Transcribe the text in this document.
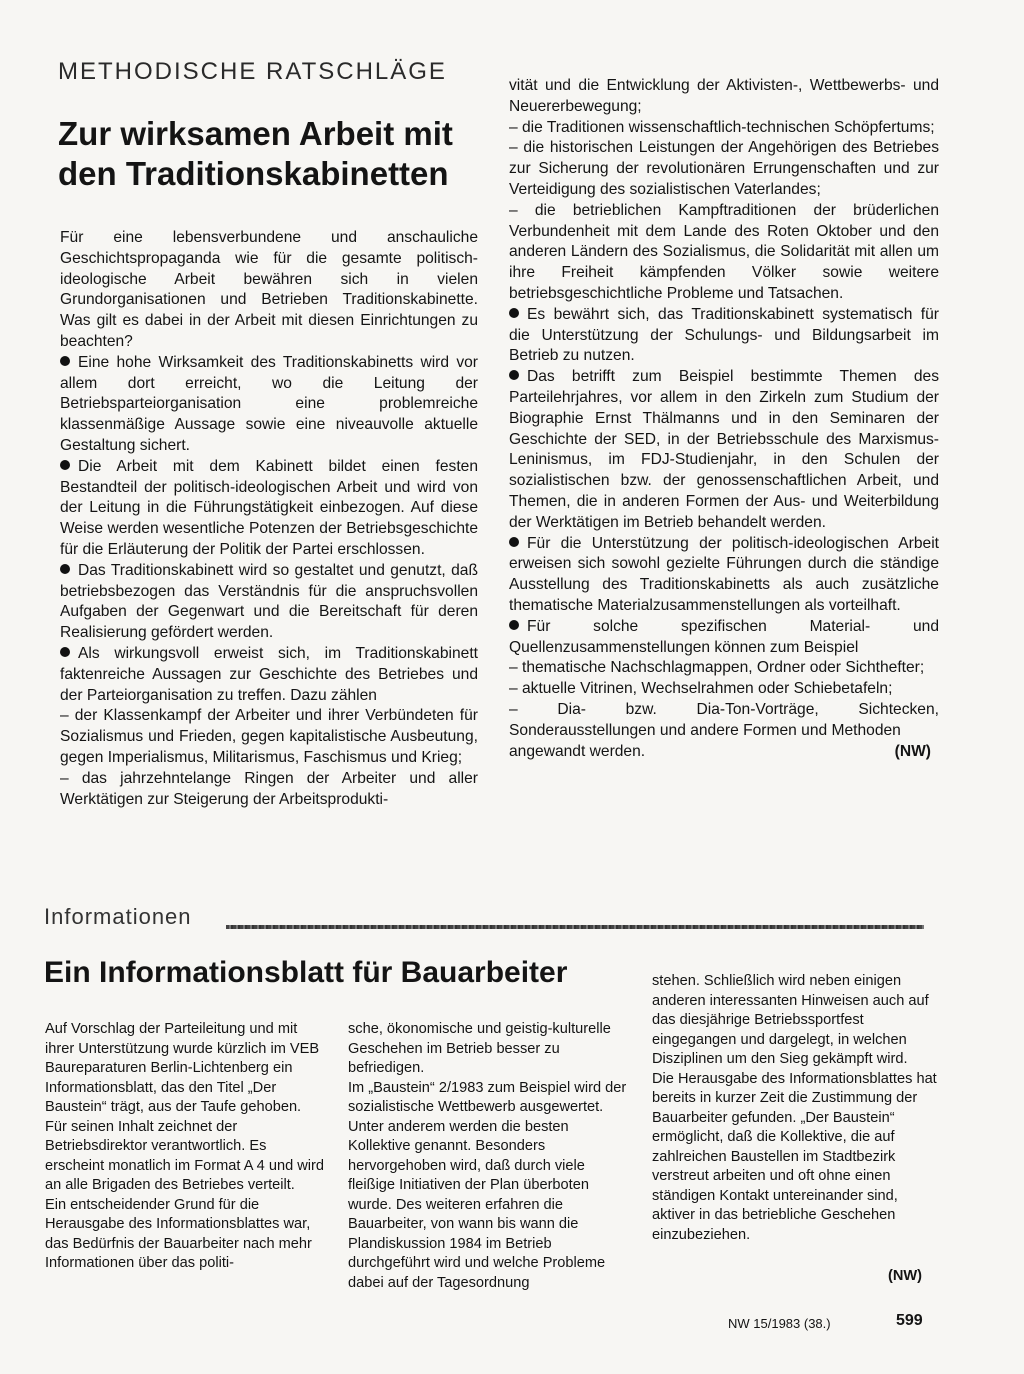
METHODISCHE RATSCHLÄGE
Zur wirksamen Arbeit mit den Traditionskabinetten

Für eine lebensverbundene und anschauliche Geschichtspropaganda wie für die gesamte politisch-ideologische Arbeit bewähren sich in vielen Grundorganisationen und Betrieben Traditionskabinette. Was gilt es dabei in der Arbeit mit diesen Einrichtungen zu beachten?

Eine hohe Wirksamkeit des Traditionskabinetts wird vor allem dort erreicht, wo die Leitung der Betriebsparteiorganisation eine problemreiche klassenmäßige Aussage sowie eine niveauvolle aktuelle Gestaltung sichert.

Die Arbeit mit dem Kabinett bildet einen festen Bestandteil der politisch-ideologischen Arbeit und wird von der Leitung in die Führungstätigkeit einbezogen. Auf diese Weise werden wesentliche Potenzen der Betriebsgeschichte für die Erläuterung der Politik der Partei erschlossen.

Das Traditionskabinett wird so gestaltet und genutzt, daß betriebsbezogen das Verständnis für die anspruchsvollen Aufgaben der Gegenwart und die Bereitschaft für deren Realisierung gefördert werden.

Als wirkungsvoll erweist sich, im Traditionskabinett faktenreiche Aussagen zur Geschichte des Betriebes und der Parteiorganisation zu treffen. Dazu zählen

– der Klassenkampf der Arbeiter und ihrer Verbündeten für Sozialismus und Frieden, gegen kapitalistische Ausbeutung, gegen Imperialismus, Militarismus, Faschismus und Krieg;

– das jahrzehntelange Ringen der Arbeiter und aller Werktätigen zur Steigerung der Arbeitsprodukti-

vität und die Entwicklung der Aktivisten-, Wettbewerbs- und Neuererbewegung;

– die Traditionen wissenschaftlich-technischen Schöpfertums;

– die historischen Leistungen der Angehörigen des Betriebes zur Sicherung der revolutionären Errungenschaften und zur Verteidigung des sozialistischen Vaterlandes;

– die betrieblichen Kampftraditionen der brüderlichen Verbundenheit mit dem Lande des Roten Oktober und den anderen Ländern des Sozialismus, die Solidarität mit allen um ihre Freiheit kämpfenden Völker sowie weitere betriebsgeschichtliche Probleme und Tatsachen.

Es bewährt sich, das Traditionskabinett systematisch für die Unterstützung der Schulungs- und Bildungsarbeit im Betrieb zu nutzen.

Das betrifft zum Beispiel bestimmte Themen des Parteilehrjahres, vor allem in den Zirkeln zum Studium der Biographie Ernst Thälmanns und in den Seminaren der Geschichte der SED, in der Betriebsschule des Marxismus-Leninismus, im FDJ-Studienjahr, in den Schulen der sozialistischen bzw. der genossenschaftlichen Arbeit, und Themen, die in anderen Formen der Aus- und Weiterbildung der Werktätigen im Betrieb behandelt werden.

Für die Unterstützung der politisch-ideologischen Arbeit erweisen sich sowohl gezielte Führungen durch die ständige Ausstellung des Traditionskabinetts als auch zusätzliche thematische Materialzusammenstellungen als vorteilhaft.

Für solche spezifischen Material- und Quellenzusammenstellungen können zum Beispiel

– thematische Nachschlagmappen, Ordner oder Sichthefter;

– aktuelle Vitrinen, Wechselrahmen oder Schiebetafeln;

– Dia- bzw. Dia-Ton-Vorträge, Sichtecken, Sonderausstellungen und andere Formen und Methoden

angewandt werden.	(NW)
Informationen
Ein Informationsblatt für Bauarbeiter

Auf Vorschlag der Parteileitung und mit ihrer Unterstützung wurde kürzlich im VEB Baureparaturen Berlin-Lichtenberg ein Informationsblatt, das den Titel „Der Baustein“ trägt, aus der Taufe gehoben. Für seinen Inhalt zeichnet der Betriebsdirektor verantwortlich. Es erscheint monatlich im Format A 4 und wird an alle Brigaden des Betriebes verteilt.

Ein entscheidender Grund für die Herausgabe des Informationsblattes war, das Bedürfnis der Bauarbeiter nach mehr Informationen über das politi-

sche, ökonomische und geistig-kulturelle Geschehen im Betrieb besser zu befriedigen.

Im „Baustein“ 2/1983 zum Beispiel wird der sozialistische Wettbewerb ausgewertet. Unter anderem werden die besten Kollektive genannt. Besonders hervorgehoben wird, daß durch viele fleißige Initiativen der Plan überboten wurde. Des weiteren erfahren die Bauarbeiter, von wann bis wann die Plandiskussion 1984 im Betrieb durchgeführt wird und welche Probleme dabei auf der Tagesordnung

stehen. Schließlich wird neben einigen anderen interessanten Hinweisen auch auf das diesjährige Betriebssportfest eingegangen und dargelegt, in welchen Disziplinen um den Sieg gekämpft wird.

Die Herausgabe des Informationsblattes hat bereits in kurzer Zeit die Zustimmung der Bauarbeiter gefunden. „Der Baustein“ ermöglicht, daß die Kollektive, die auf zahlreichen Baustellen im Stadtbezirk verstreut arbeiten und oft ohne einen ständigen Kontakt untereinander sind, aktiver in das betriebliche Geschehen einzubeziehen.

(NW)
NW 15/1983 (38.)	599
